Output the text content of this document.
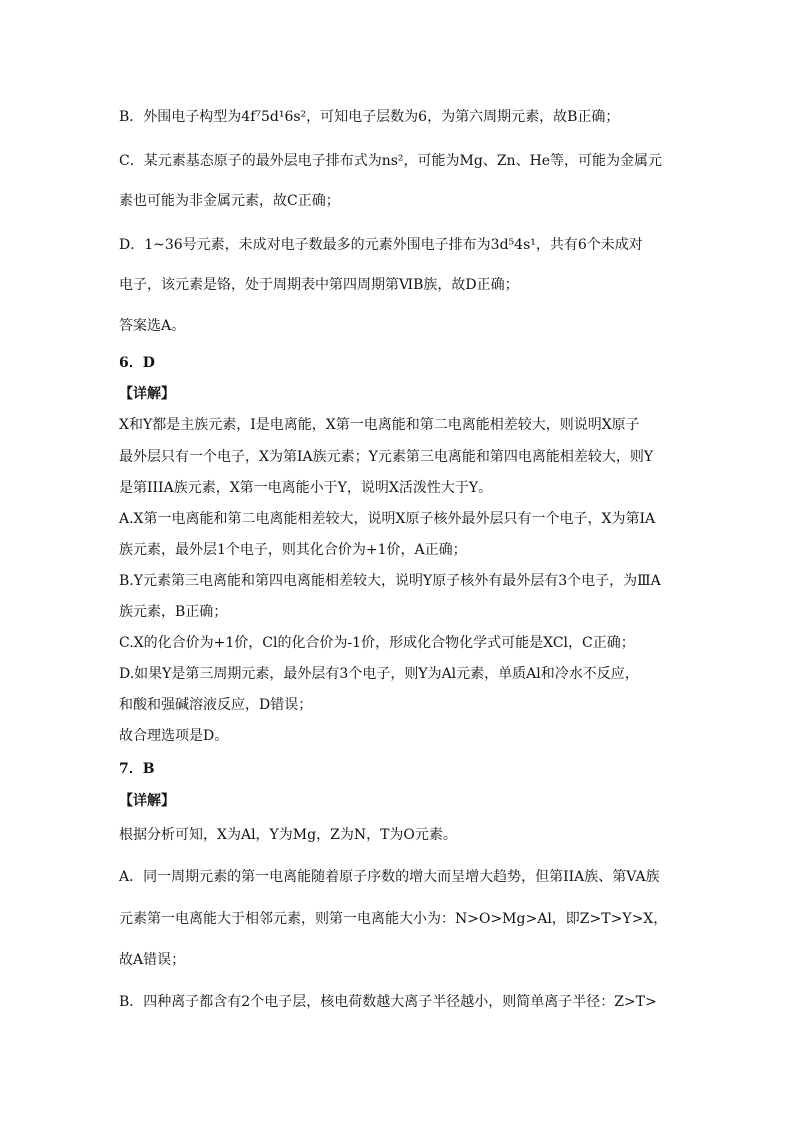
B．外围电子构型为4f⁷5d¹6s²，可知电子层数为6，为第六周期元素，故B正确；
C．某元素基态原子的最外层电子排布式为ns²，可能为Mg、Zn、He等，可能为金属元
素也可能为非金属元素，故C正确；
D．1~36号元素，未成对电子数最多的元素外围电子排布为3d⁵4s¹，共有6个未成对
电子，该元素是铬，处于周期表中第四周期第ⅥB族，故D正确；
答案选A。
6．D
【详解】
X和Y都是主族元素，I是电离能，X第一电离能和第二电离能相差较大，则说明X原子
最外层只有一个电子，X为第IA族元素；Y元素第三电离能和第四电离能相差较大，则Y
是第IIIA族元素，X第一电离能小于Y，说明X活泼性大于Y。
A.X第一电离能和第二电离能相差较大，说明X原子核外最外层只有一个电子，X为第IA
族元素，最外层1个电子，则其化合价为+1价，A正确；
B.Y元素第三电离能和第四电离能相差较大，说明Y原子核外有最外层有3个电子，为ⅢA
族元素，B正确；
C.X的化合价为+1价，Cl的化合价为-1价，形成化合物化学式可能是XCl，C正确；
D.如果Y是第三周期元素，最外层有3个电子，则Y为Al元素，单质Al和冷水不反应，
和酸和强碱溶液反应，D错误；
故合理选项是D。
7．B
【详解】
根据分析可知，X为Al，Y为Mg，Z为N，T为O元素。
A．同一周期元素的第一电离能随着原子序数的增大而呈增大趋势，但第IIA族、第VA族
元素第一电离能大于相邻元素，则第一电离能大小为：N>O>Mg>Al，即Z>T>Y>X，
故A错误；
B．四种离子都含有2个电子层，核电荷数越大离子半径越小，则简单离子半径：Z>T>
